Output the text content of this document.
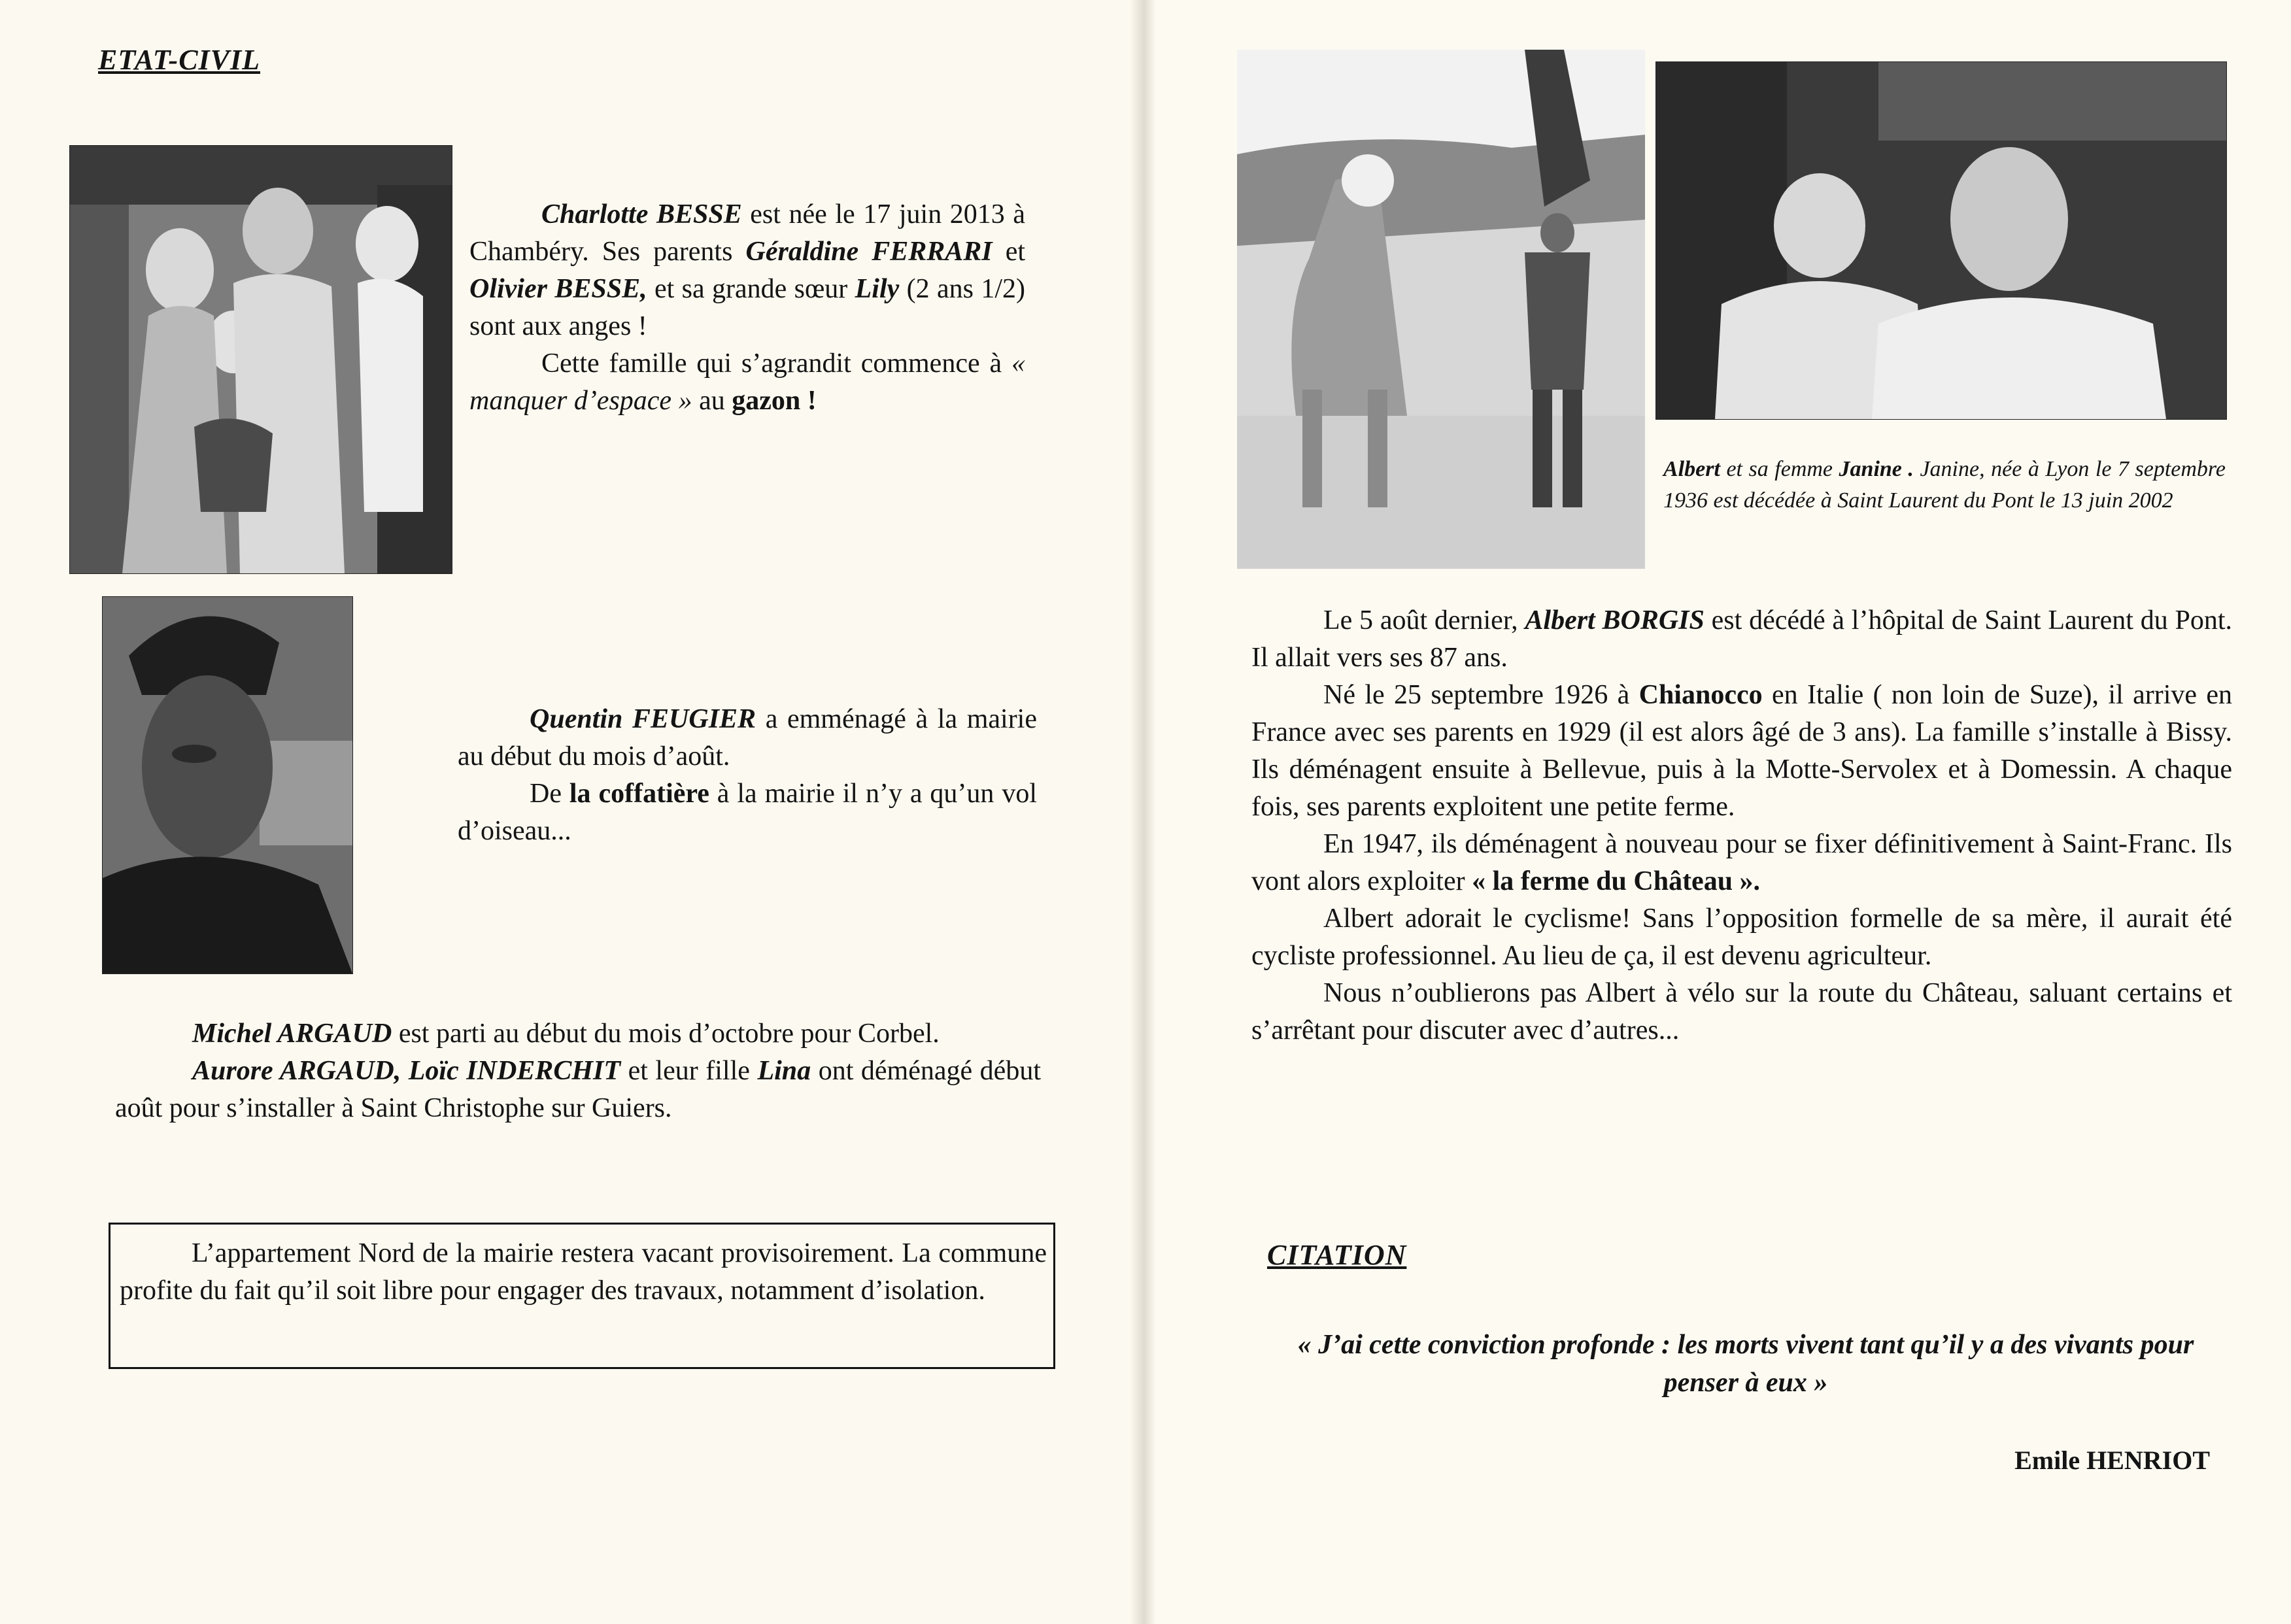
ETAT-CIVIL

Charlotte BESSE est née le 17 juin 2013 à Chambéry. Ses parents Géraldine FERRARI et Olivier BESSE, et sa grande sœur Lily (2 ans 1/2) sont aux anges !

Cette famille qui s’agrandit commence à « manquer d’espace » au gazon !

Quentin FEUGIER a emménagé à la mairie au début du mois d’août.

De la coffatière à la mairie il n’y a qu’un vol d’oiseau...

Michel ARGAUD est parti au début du mois d’octobre pour Corbel.

Aurore ARGAUD, Loïc INDERCHIT et leur fille Lina ont déménagé début août pour s’installer à Saint Christophe sur Guiers.

L’appartement Nord de la mairie restera vacant provisoirement. La commune profite du fait qu’il soit libre pour engager des travaux, notamment d’isolation.

Albert et sa femme Janine . Janine, née à Lyon le 7 septembre 1936 est décédée à Saint Laurent du Pont le 13 juin 2002

Le 5 août dernier, Albert BORGIS est décédé à l’hôpital de Saint Laurent du Pont. Il allait vers ses 87 ans.

Né le 25 septembre 1926 à Chianocco en Italie ( non loin de Suze), il arrive en France avec ses parents en 1929 (il est alors âgé de 3 ans). La famille s’installe à Bissy. Ils déménagent ensuite à Bellevue, puis à la Motte-Servolex et à Domessin. A chaque fois, ses parents exploitent une petite ferme.

En 1947, ils déménagent à nouveau pour se fixer définitivement à Saint-Franc. Ils vont alors exploiter « la ferme du Château ».

Albert adorait le cyclisme! Sans l’opposition formelle de sa mère, il aurait été cycliste professionnel. Au lieu de ça, il est devenu agriculteur.

Nous n’oublierons pas Albert à vélo sur la route du Château, saluant certains et s’arrêtant pour discuter avec d’autres...

CITATION
« J’ai cette conviction profonde : les morts vivent tant qu’il y a des vivants pour penser à eux »
Emile HENRIOT
